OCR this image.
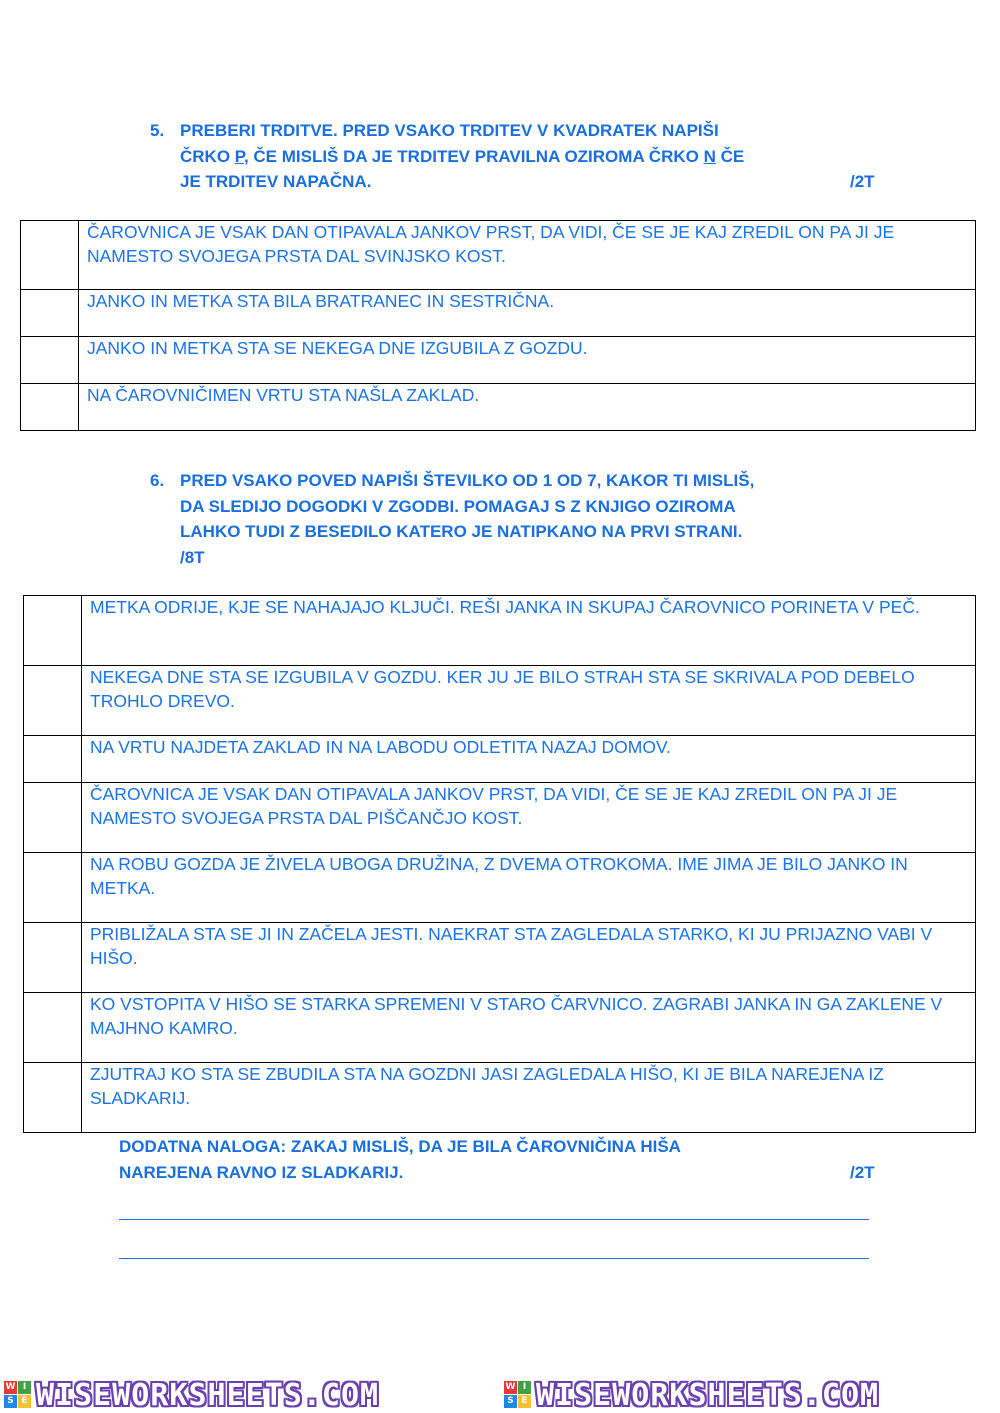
5. PREBERI TRDITVE. PRED VSAKO TRDITEV V KVADRATEK NAPIŠI
ČRKO P, ČE MISLIŠ DA JE TRDITEV PRAVILNA OZIROMA ČRKO N ČE
JE TRDITEV NAPAČNA.	/2T
	ČAROVNICA JE VSAK DAN OTIPAVALA JANKOV PRST, DA VIDI, ČE SE JE KAJ ZREDIL ON PA JI JE NAMESTO SVOJEGA PRSTA DAL SVINJSKO KOST.
	JANKO IN METKA STA BILA BRATRANEC IN SESTRIČNA.
	JANKO IN METKA STA SE NEKEGA DNE IZGUBILA Z GOZDU.
	NA ČAROVNIČIMEN VRTU STA NAŠLA ZAKLAD.
6. PRED VSAKO POVED NAPIŠI ŠTEVILKO OD 1 OD 7, KAKOR TI MISLIŠ,
DA SLEDIJO DOGODKI V ZGODBI. POMAGAJ S Z KNJIGO OZIROMA
LAHKO TUDI Z BESEDILO KATERO JE NATIPKANO NA PRVI STRANI.
/8T
	METKA ODRIJE, KJE SE NAHAJAJO KLJUČI. REŠI JANKA IN SKUPAJ ČAROVNICO PORINETA V PEČ.
	NEKEGA DNE STA SE IZGUBILA V GOZDU. KER JU JE BILO STRAH STA SE SKRIVALA POD DEBELO TROHLO DREVO.
	NA VRTU NAJDETA ZAKLAD IN NA LABODU ODLETITA NAZAJ DOMOV.
	ČAROVNICA JE VSAK DAN OTIPAVALA JANKOV PRST, DA VIDI, ČE SE JE KAJ ZREDIL ON PA JI JE NAMESTO SVOJEGA PRSTA DAL PIŠČANČJO KOST.
	NA ROBU GOZDA JE ŽIVELA UBOGA DRUŽINA, Z DVEMA OTROKOMA. IME JIMA JE BILO JANKO IN METKA.
	PRIBLIŽALA STA SE JI IN ZAČELA JESTI. NAEKRAT STA ZAGLEDALA STARKO, KI JU PRIJAZNO VABI V HIŠO.
	KO VSTOPITA V HIŠO SE STARKA SPREMENI V STARO ČARVNICO. ZAGRABI JANKA IN GA ZAKLENE V MAJHNO KAMRO.
	ZJUTRAJ KO STA SE ZBUDILA STA NA GOZDNI JASI ZAGLEDALA HIŠO, KI JE BILA NAREJENA IZ SLADKARIJ.
DODATNA NALOGA: ZAKAJ MISLIŠ, DA JE BILA ČAROVNIČINA HIŠA
NAREJENA RAVNO IZ SLADKARIJ.	/2T
W I
S E WISEWORKSHEETS.COM	W I
S E WISEWORKSHEETS.COM
